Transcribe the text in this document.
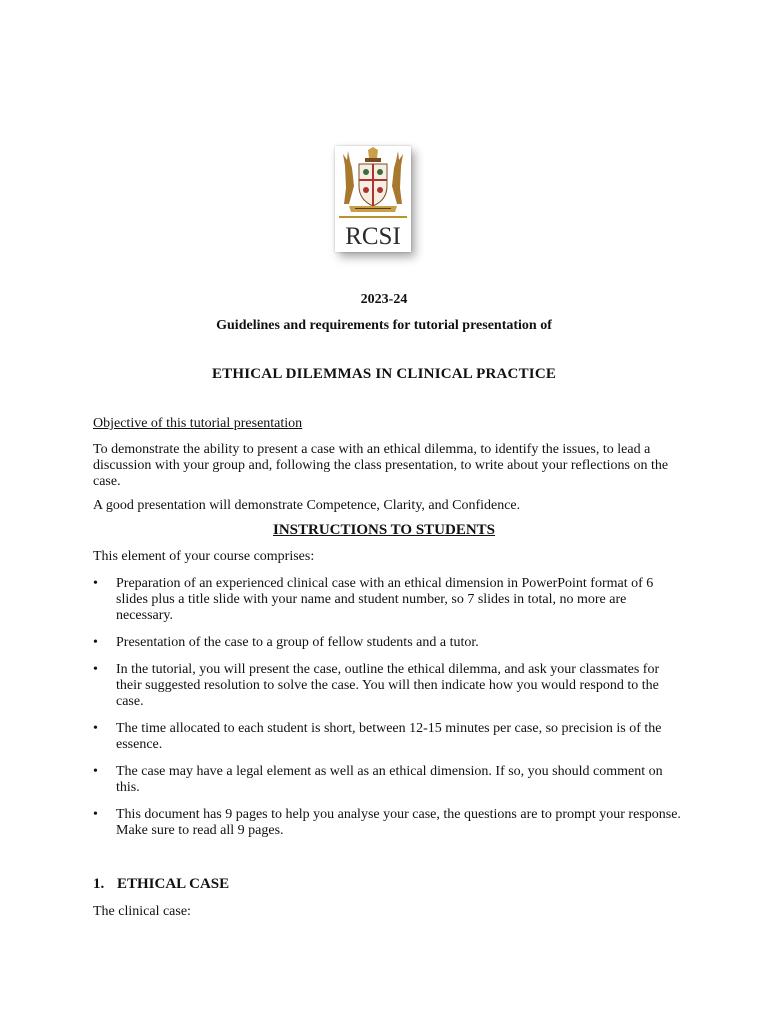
RCSI
2023-24
Guidelines and requirements for tutorial presentation of
ETHICAL DILEMMAS IN CLINICAL PRACTICE
Objective of this tutorial presentation
To demonstrate the ability to present a case with an ethical dilemma, to identify the issues, to lead a discussion with your group and, following the class presentation, to write about your reflections on the case.
A good presentation will demonstrate Competence, Clarity, and Confidence.
INSTRUCTIONS TO STUDENTS
This element of your course comprises:
•	Preparation of an experienced clinical case with an ethical dimension in PowerPoint format of 6 slides plus a title slide with your name and student number, so 7 slides in total, no more are necessary.
•	Presentation of the case to a group of fellow students and a tutor.
•	In the tutorial, you will present the case, outline the ethical dilemma, and ask your classmates for their suggested resolution to solve the case. You will then indicate how you would respond to the case.
•	The time allocated to each student is short, between 12-15 minutes per case, so precision is of the essence.
•	The case may have a legal element as well as an ethical dimension. If so, you should comment on this.
•	This document has 9 pages to help you analyse your case, the questions are to prompt your response. Make sure to read all 9 pages.
1. ETHICAL CASE
The clinical case:
